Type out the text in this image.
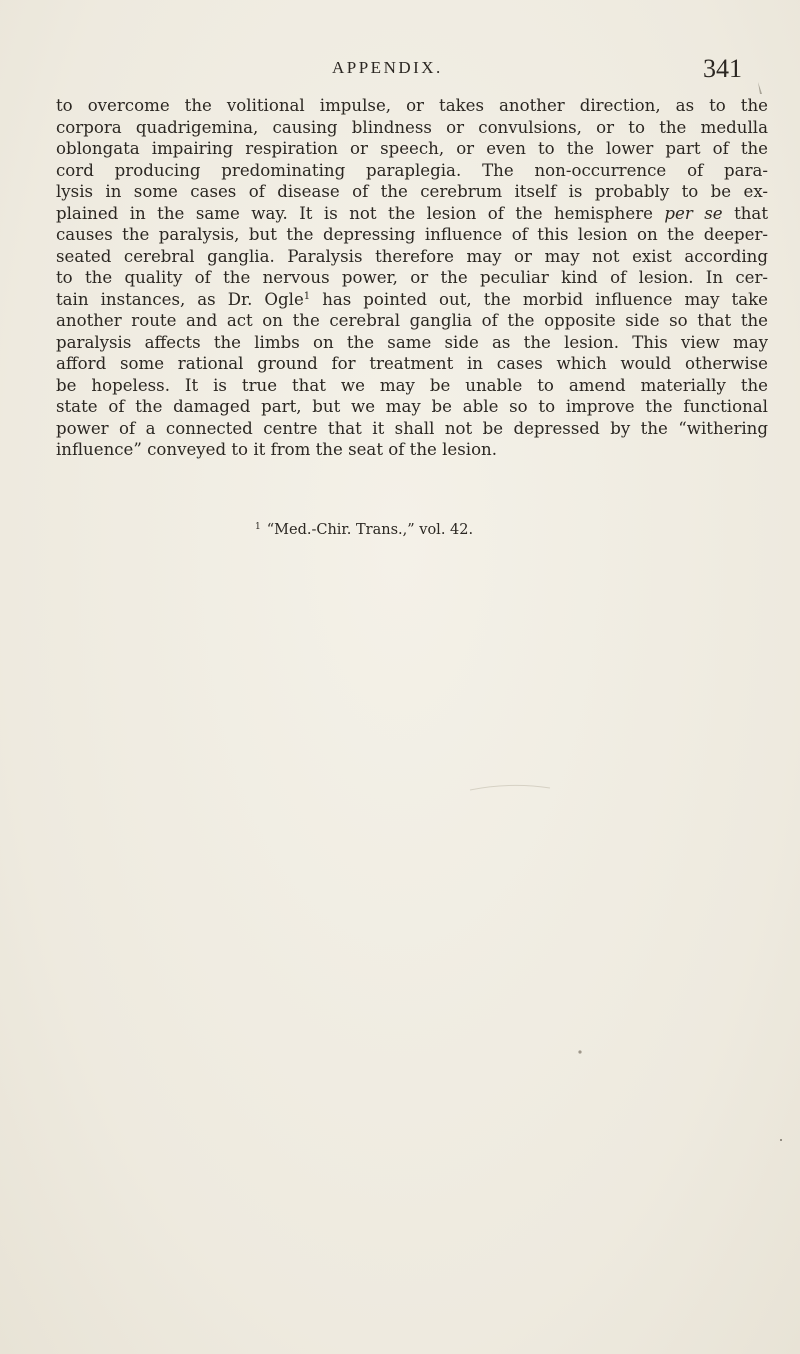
APPENDIX.	341
to overcome the volitional impulse, or takes another direction, as to the
corpora quadrigemina, causing blindness or convulsions, or to the medulla
oblongata impairing respiration or speech, or even to the lower part of the
cord producing predominating paraplegia. The non-occurrence of para-
lysis in some cases of disease of the cerebrum itself is probably to be ex-
plained in the same way. It is not the lesion of the hemisphere per se that
causes the paralysis, but the depressing influence of this lesion on the deeper-
seated cerebral ganglia. Paralysis therefore may or may not exist according
to the quality of the nervous power, or the peculiar kind of lesion. In cer-
tain instances, as Dr. Ogle$^1$ has pointed out, the morbid influence may take
another route and act on the cerebral ganglia of the opposite side so that the
paralysis affects the limbs on the same side as the lesion. This view may
afford some rational ground for treatment in cases which would otherwise
be hopeless. It is true that we may be unable to amend materially the
state of the damaged part, but we may be able so to improve the functional
power of a connected centre that it shall not be depressed by the “withering
influence” conveyed to it from the seat of the lesion.
$^1$ “Med.-Chir. Trans.,” vol. 42.
